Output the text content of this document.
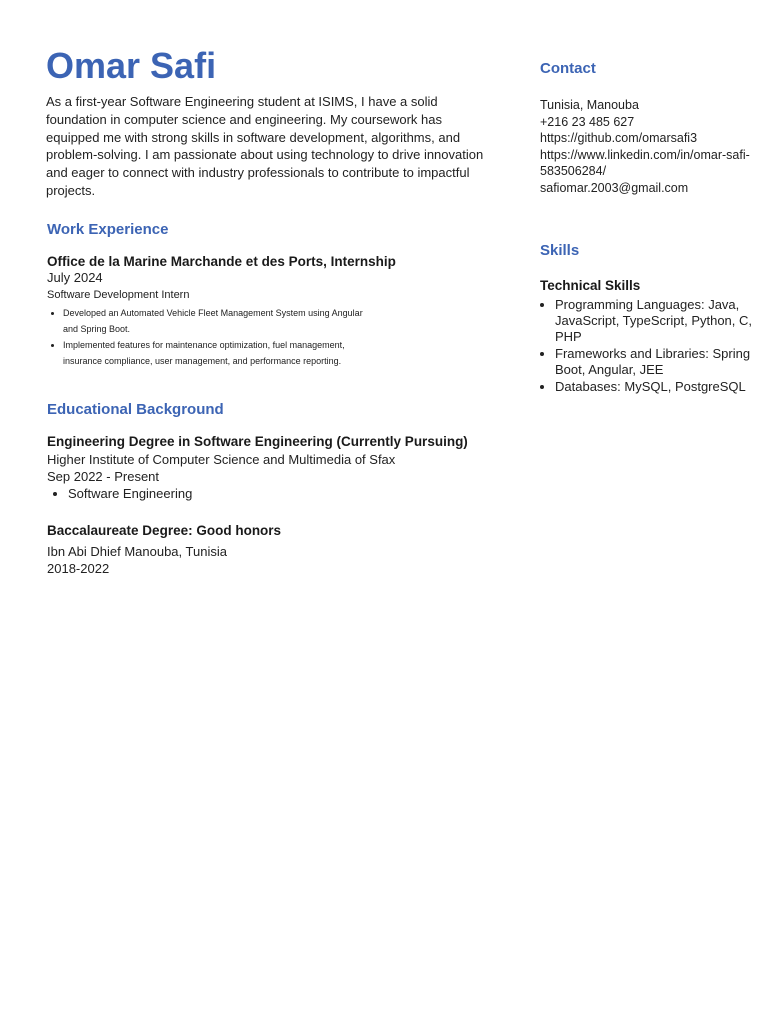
Omar Safi

As a first-year Software Engineering student at ISIMS, I have a solid foundation in computer science and engineering. My coursework has equipped me with strong skills in software development, algorithms, and problem-solving. I am passionate about using technology to drive innovation and eager to connect with industry professionals to contribute to impactful projects.

Work Experience
Office de la Marine Marchande et des Ports, Internship
July 2024
Software Development Intern
• Developed an Automated Vehicle Fleet Management System using Angular and Spring Boot.
• Implemented features for maintenance optimization, fuel management, insurance compliance, user management, and performance reporting.
Educational Background
Engineering Degree in Software Engineering (Currently Pursuing)
Higher Institute of Computer Science and Multimedia of Sfax
Sep 2022 - Present
• Software Engineering
Baccalaureate Degree: Good honors
Ibn Abi Dhief Manouba, Tunisia
2018-2022
Contact
Tunisia, Manouba
+216 23 485 627
https://github.com/omarsafi3
https://www.linkedin.com/in/omar-safi-583506284/
safiomar.2003@gmail.com
Skills
Technical Skills
• Programming Languages: Java, JavaScript, TypeScript, Python, C, PHP
• Frameworks and Libraries: Spring Boot, Angular, JEE
• Databases: MySQL, PostgreSQL
